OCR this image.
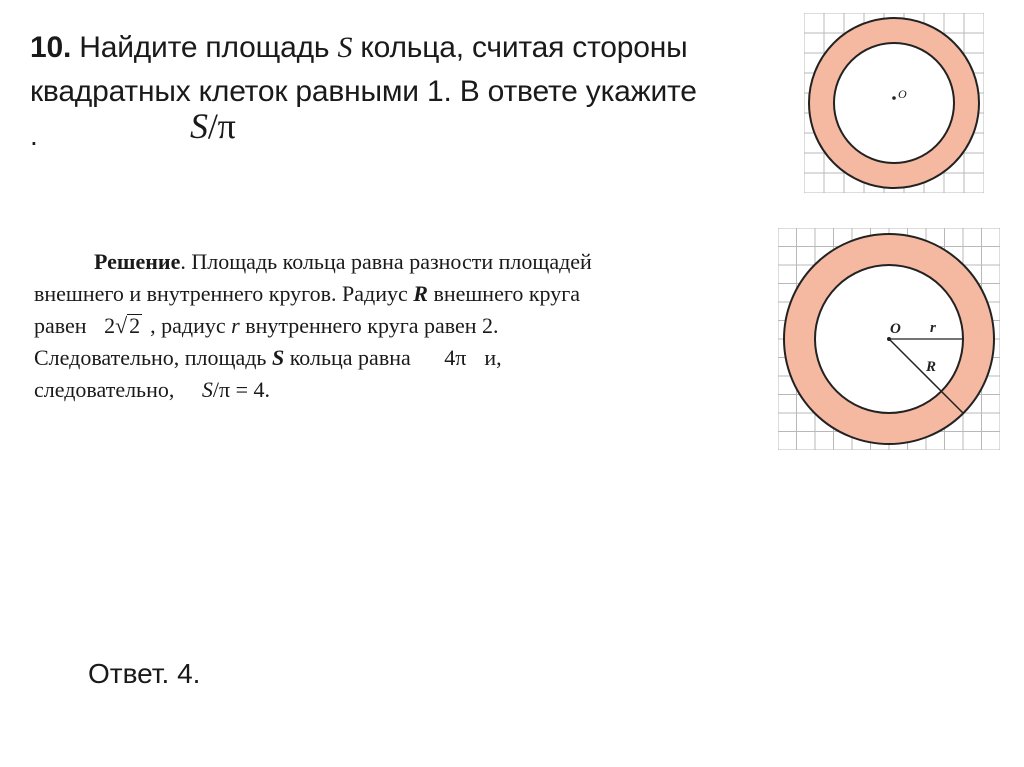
10. Найдите площадь S кольца, считая стороны
квадратных клеток равными 1. В ответе укажите
.	S/π
O
O r
R
Решение. Площадь кольца равна разности площадей
внешнего и внутреннего кругов. Радиус R внешнего круга
равен 2√2 , радиус r внутреннего круга равен 2.
Следовательно, площадь S кольца равна 4π и,
следовательно, S/π = 4.
Ответ. 4.
